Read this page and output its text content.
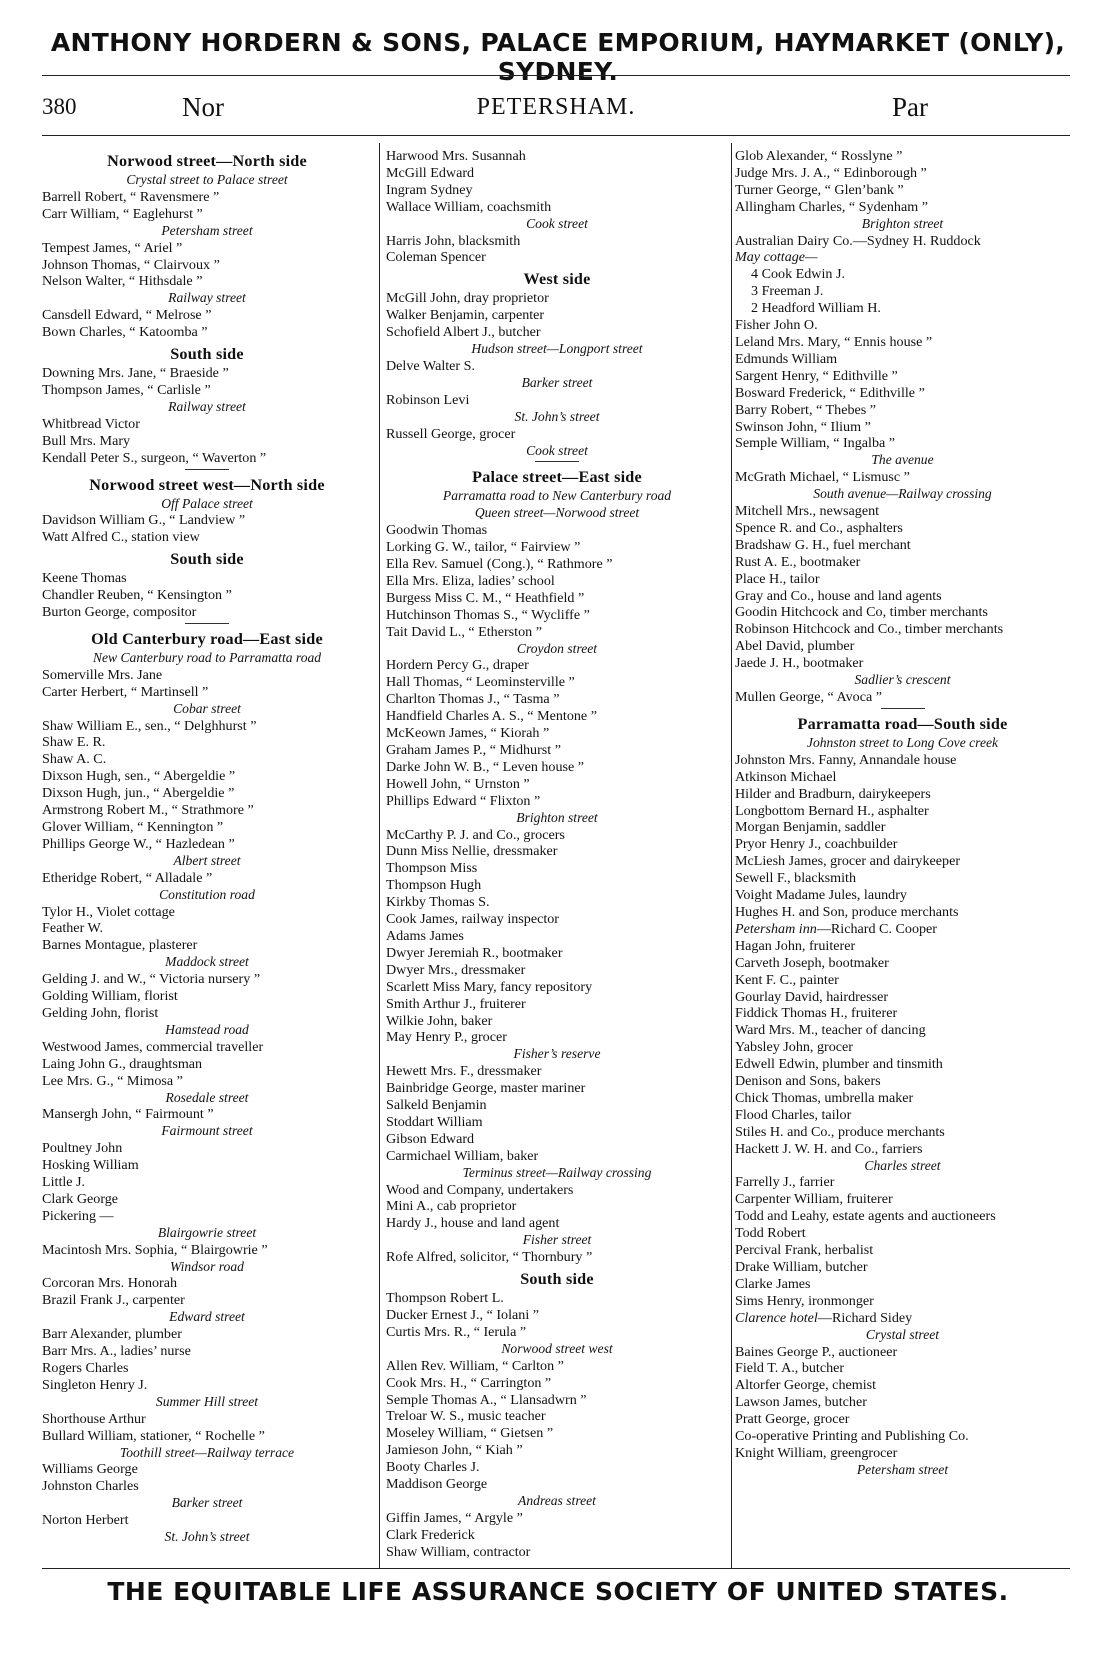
ANTHONY HORDERN & SONS, PALACE EMPORIUM, HAYMARKET (ONLY), SYDNEY.
380	Nor	PETERSHAM.	Par
Norwood street—North side
Crystal street to Palace street
Barrell Robert, “ Ravensmere ”
Carr William, “ Eaglehurst ”
Petersham street
Tempest James, “ Ariel ”
Johnson Thomas, “ Clairvoux ”
Nelson Walter, “ Hithsdale ”
Railway street
Cansdell Edward, “ Melrose ”
Bown Charles, “ Katoomba ”
South side
Downing Mrs. Jane, “ Braeside ”
Thompson James, “ Carlisle ”
Railway street
Whitbread Victor
Bull Mrs. Mary
Kendall Peter S., surgeon, “ Waverton ”
Norwood street west—North side
Off Palace street
Davidson William G., “ Landview ”
Watt Alfred C., station view
South side
Keene Thomas
Chandler Reuben, “ Kensington ”
Burton George, compositor
Old Canterbury road—East side
New Canterbury road to Parramatta road
Somerville Mrs. Jane
Carter Herbert, “ Martinsell ”
Cobar street
Shaw William E., sen., “ Delghhurst ”
Shaw E. R.
Shaw A. C.
Dixson Hugh, sen., “ Abergeldie ”
Dixson Hugh, jun., “ Abergeldie ”
Armstrong Robert M., “ Strathmore ”
Glover William, “ Kennington ”
Phillips George W., “ Hazledean ”
Albert street
Etheridge Robert, “ Alladale ”
Constitution road
Tylor H., Violet cottage
Feather W.
Barnes Montague, plasterer
Maddock street
Gelding J. and W., “ Victoria nursery ”
Golding William, florist
Gelding John, florist
Hamstead road
Westwood James, commercial traveller
Laing John G., draughtsman
Lee Mrs. G., “ Mimosa ”
Rosedale street
Mansergh John, “ Fairmount ”
Fairmount street
Poultney John
Hosking William
Little J.
Clark George
Pickering —
Blairgowrie street
Macintosh Mrs. Sophia, “ Blairgowrie ”
Windsor road
Corcoran Mrs. Honorah
Brazil Frank J., carpenter
Edward street
Barr Alexander, plumber
Barr Mrs. A., ladies’ nurse
Rogers Charles
Singleton Henry J.
Summer Hill street
Shorthouse Arthur
Bullard William, stationer, “ Rochelle ”
Toothill street—Railway terrace
Williams George
Johnston Charles
Barker street
Norton Herbert
St. John’s street
Harwood Mrs. Susannah
McGill Edward
Ingram Sydney
Wallace William, coachsmith
Cook street
Harris John, blacksmith
Coleman Spencer
West side
McGill John, dray proprietor
Walker Benjamin, carpenter
Schofield Albert J., butcher
Hudson street—Longport street
Delve Walter S.
Barker street
Robinson Levi
St. John’s street
Russell George, grocer
Cook street
Palace street—East side
Parramatta road to New Canterbury road
Queen street—Norwood street
Goodwin Thomas
Lorking G. W., tailor, “ Fairview ”
Ella Rev. Samuel (Cong.), “ Rathmore ”
Ella Mrs. Eliza, ladies’ school
Burgess Miss C. M., “ Heathfield ”
Hutchinson Thomas S., “ Wycliffe ”
Tait David L., “ Etherston ”
Croydon street
Hordern Percy G., draper
Hall Thomas, “ Leominsterville ”
Charlton Thomas J., “ Tasma ”
Handfield Charles A. S., “ Mentone ”
McKeown James, “ Kiorah ”
Graham James P., “ Midhurst ”
Darke John W. B., “ Leven house ”
Howell John, “ Urnston ”
Phillips Edward “ Flixton ”
Brighton street
McCarthy P. J. and Co., grocers
Dunn Miss Nellie, dressmaker
Thompson Miss
Thompson Hugh
Kirkby Thomas S.
Cook James, railway inspector
Adams James
Dwyer Jeremiah R., bootmaker
Dwyer Mrs., dressmaker
Scarlett Miss Mary, fancy repository
Smith Arthur J., fruiterer
Wilkie John, baker
May Henry P., grocer
Fisher’s reserve
Hewett Mrs. F., dressmaker
Bainbridge George, master mariner
Salkeld Benjamin
Stoddart William
Gibson Edward
Carmichael William, baker
Terminus street—Railway crossing
Wood and Company, undertakers
Mini A., cab proprietor
Hardy J., house and land agent
Fisher street
Rofe Alfred, solicitor, “ Thornbury ”
South side
Thompson Robert L.
Ducker Ernest J., “ Iolani ”
Curtis Mrs. R., “ Ierula ”
Norwood street west
Allen Rev. William, “ Carlton ”
Cook Mrs. H., “ Carrington ”
Semple Thomas A., “ Llansadwrn ”
Treloar W. S., music teacher
Moseley William, “ Gietsen ”
Jamieson John, “ Kiah ”
Booty Charles J.
Maddison George
Andreas street
Giffin James, “ Argyle ”
Clark Frederick
Shaw William, contractor
Glob Alexander, “ Rosslyne ”
Judge Mrs. J. A., “ Edinborough ”
Turner George, “ Glen’bank ”
Allingham Charles, “ Sydenham ”
Brighton street
Australian Dairy Co.—Sydney H. Ruddock
May cottage—
4 Cook Edwin J.
3 Freeman J.
2 Headford William H.
Fisher John O.
Leland Mrs. Mary, “ Ennis house ”
Edmunds William
Sargent Henry, “ Edithville ”
Bosward Frederick, “ Edithville ”
Barry Robert, “ Thebes ”
Swinson John, “ Ilium ”
Semple William, “ Ingalba ”
The avenue
McGrath Michael, “ Lismusc ”
South avenue—Railway crossing
Mitchell Mrs., newsagent
Spence R. and Co., asphalters
Bradshaw G. H., fuel merchant
Rust A. E., bootmaker
Place H., tailor
Gray and Co., house and land agents
Goodin Hitchcock and Co, timber merchants
Robinson Hitchcock and Co., timber merchants
Abel David, plumber
Jaede J. H., bootmaker
Sadlier’s crescent
Mullen George, “ Avoca ”
Parramatta road—South side
Johnston street to Long Cove creek
Johnston Mrs. Fanny, Annandale house
Atkinson Michael
Hilder and Bradburn, dairykeepers
Longbottom Bernard H., asphalter
Morgan Benjamin, saddler
Pryor Henry J., coachbuilder
McLiesh James, grocer and dairykeeper
Sewell F., blacksmith
Voight Madame Jules, laundry
Hughes H. and Son, produce merchants
Petersham inn—Richard C. Cooper
Hagan John, fruiterer
Carveth Joseph, bootmaker
Kent F. C., painter
Gourlay David, hairdresser
Fiddick Thomas H., fruiterer
Ward Mrs. M., teacher of dancing
Yabsley John, grocer
Edwell Edwin, plumber and tinsmith
Denison and Sons, bakers
Chick Thomas, umbrella maker
Flood Charles, tailor
Stiles H. and Co., produce merchants
Hackett J. W. H. and Co., farriers
Charles street
Farrelly J., farrier
Carpenter William, fruiterer
Todd and Leahy, estate agents and auctioneers
Todd Robert
Percival Frank, herbalist
Drake William, butcher
Clarke James
Sims Henry, ironmonger
Clarence hotel—Richard Sidey
Crystal street
Baines George P., auctioneer
Field T. A., butcher
Altorfer George, chemist
Lawson James, butcher
Pratt George, grocer
Co-operative Printing and Publishing Co.
Knight William, greengrocer
Petersham street
THE EQUITABLE LIFE ASSURANCE SOCIETY OF UNITED STATES.
